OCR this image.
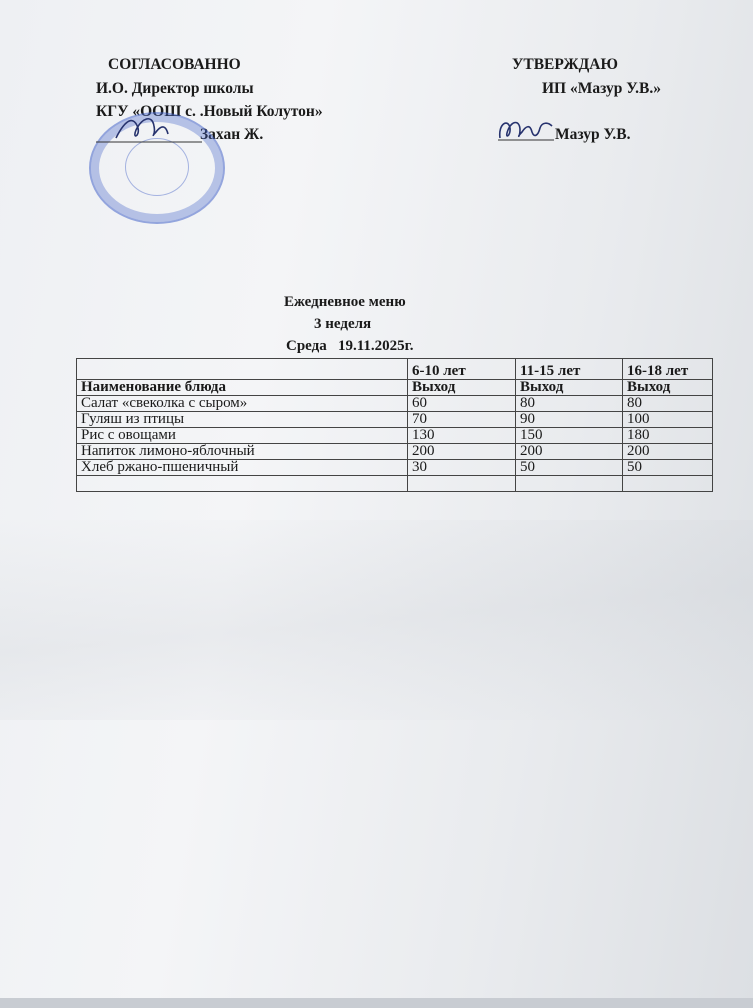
СОГЛАСОВАННО
И.О. Директор школы
КГУ «ООШ с. .Новый Колутон»
Захан Ж.
УТВЕРЖДАЮ
ИП «Мазур У.В.»
Мазур У.В.
Ежедневное меню
3 неделя
Среда   19.11.2025г.
	6-10 лет	11-15 лет	16-18 лет
Наименование блюда	Выход	Выход	Выход
Салат «свеколка с сыром»	60	80	80
Гуляш из птицы	70	90	100
Рис с овощами	130	150	180
Напиток лимоно-яблочный	200	200	200
Хлеб ржано-пшеничный	30	50	50
